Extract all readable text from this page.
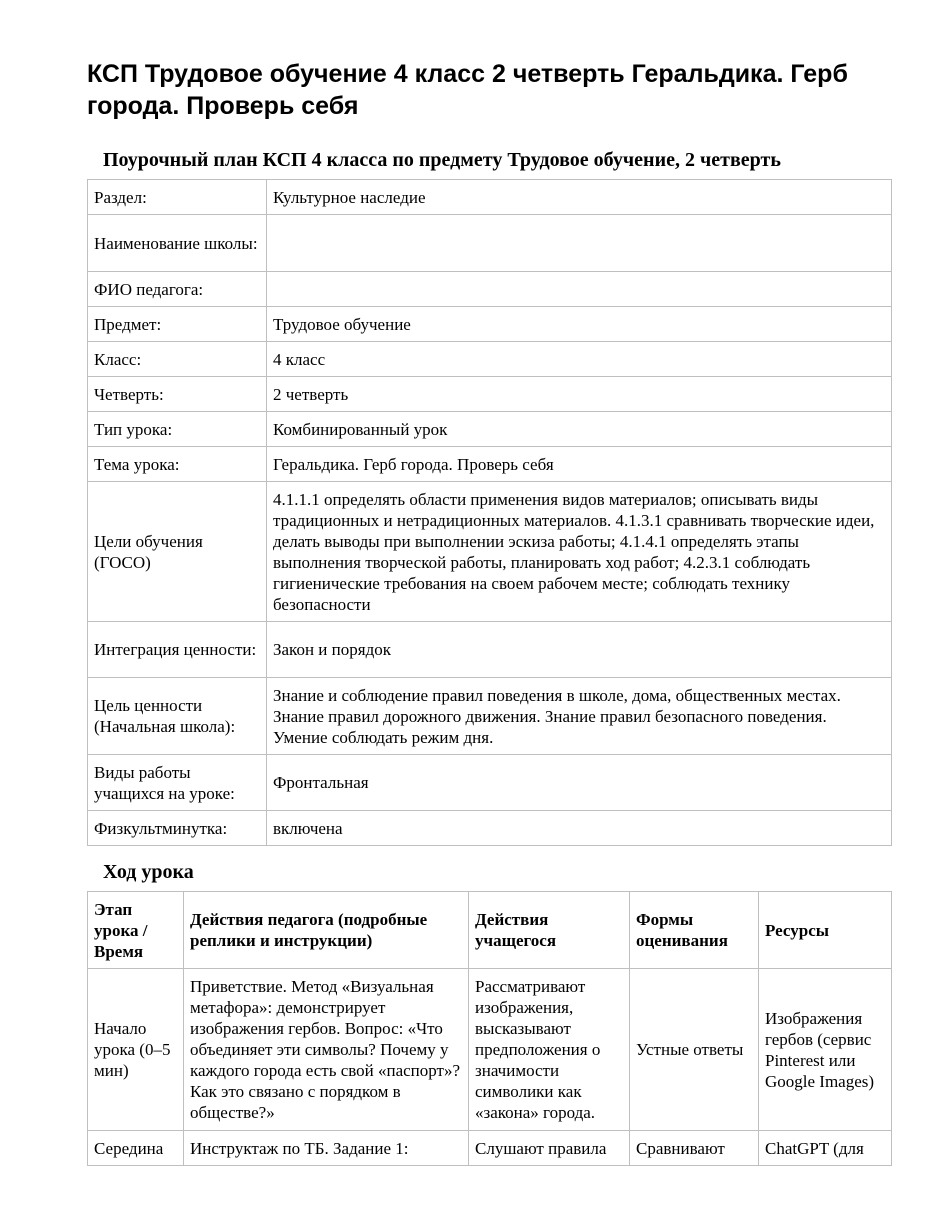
КСП Трудовое обучение 4 класс 2 четверть Геральдика. Герб города. Проверь себя
Поурочный план КСП 4 класса по предмету Трудовое обучение, 2 четверть
Раздел:	Культурное наследие
Наименование школы:	
ФИО педагога:	
Предмет:	Трудовое обучение
Класс:	4 класс
Четверть:	2 четверть
Тип урока:	Комбинированный урок
Тема урока:	Геральдика. Герб города. Проверь себя
Цели обучения (ГОСО)	4.1.1.1 определять области применения видов материалов; описывать виды традиционных и нетрадиционных материалов. 4.1.3.1 сравнивать творческие идеи, делать выводы при выполнении эскиза работы; 4.1.4.1 определять этапы выполнения творческой работы, планировать ход работ; 4.2.3.1 соблюдать гигиенические требования на своем рабочем месте; соблюдать технику безопасности
Интеграция ценности:	Закон и порядок
Цель ценности (Начальная школа):	Знание и соблюдение правил поведения в школе, дома, общественных местах. Знание правил дорожного движения. Знание правил безопасного поведения. Умение соблюдать режим дня.
Виды работы учащихся на уроке:	Фронтальная
Физкультминутка:	включена
Ход урока
Этап урока / Время	Действия педагога (подробные реплики и инструкции)	Действия учащегося	Формы оценивания	Ресурсы
Начало урока (0–5 мин)	Приветствие. Метод «Визуальная метафора»: демонстрирует изображения гербов. Вопрос: «Что объединяет эти символы? Почему у каждого города есть свой «паспорт»? Как это связано с порядком в обществе?»	Рассматривают изображения, высказывают предположения о значимости символики как «закона» города.	Устные ответы	Изображения гербов (сервис Pinterest или Google Images)
Середина	Инструктаж по ТБ. Задание 1:	Слушают правила	Сравнивают	ChatGPT (для
